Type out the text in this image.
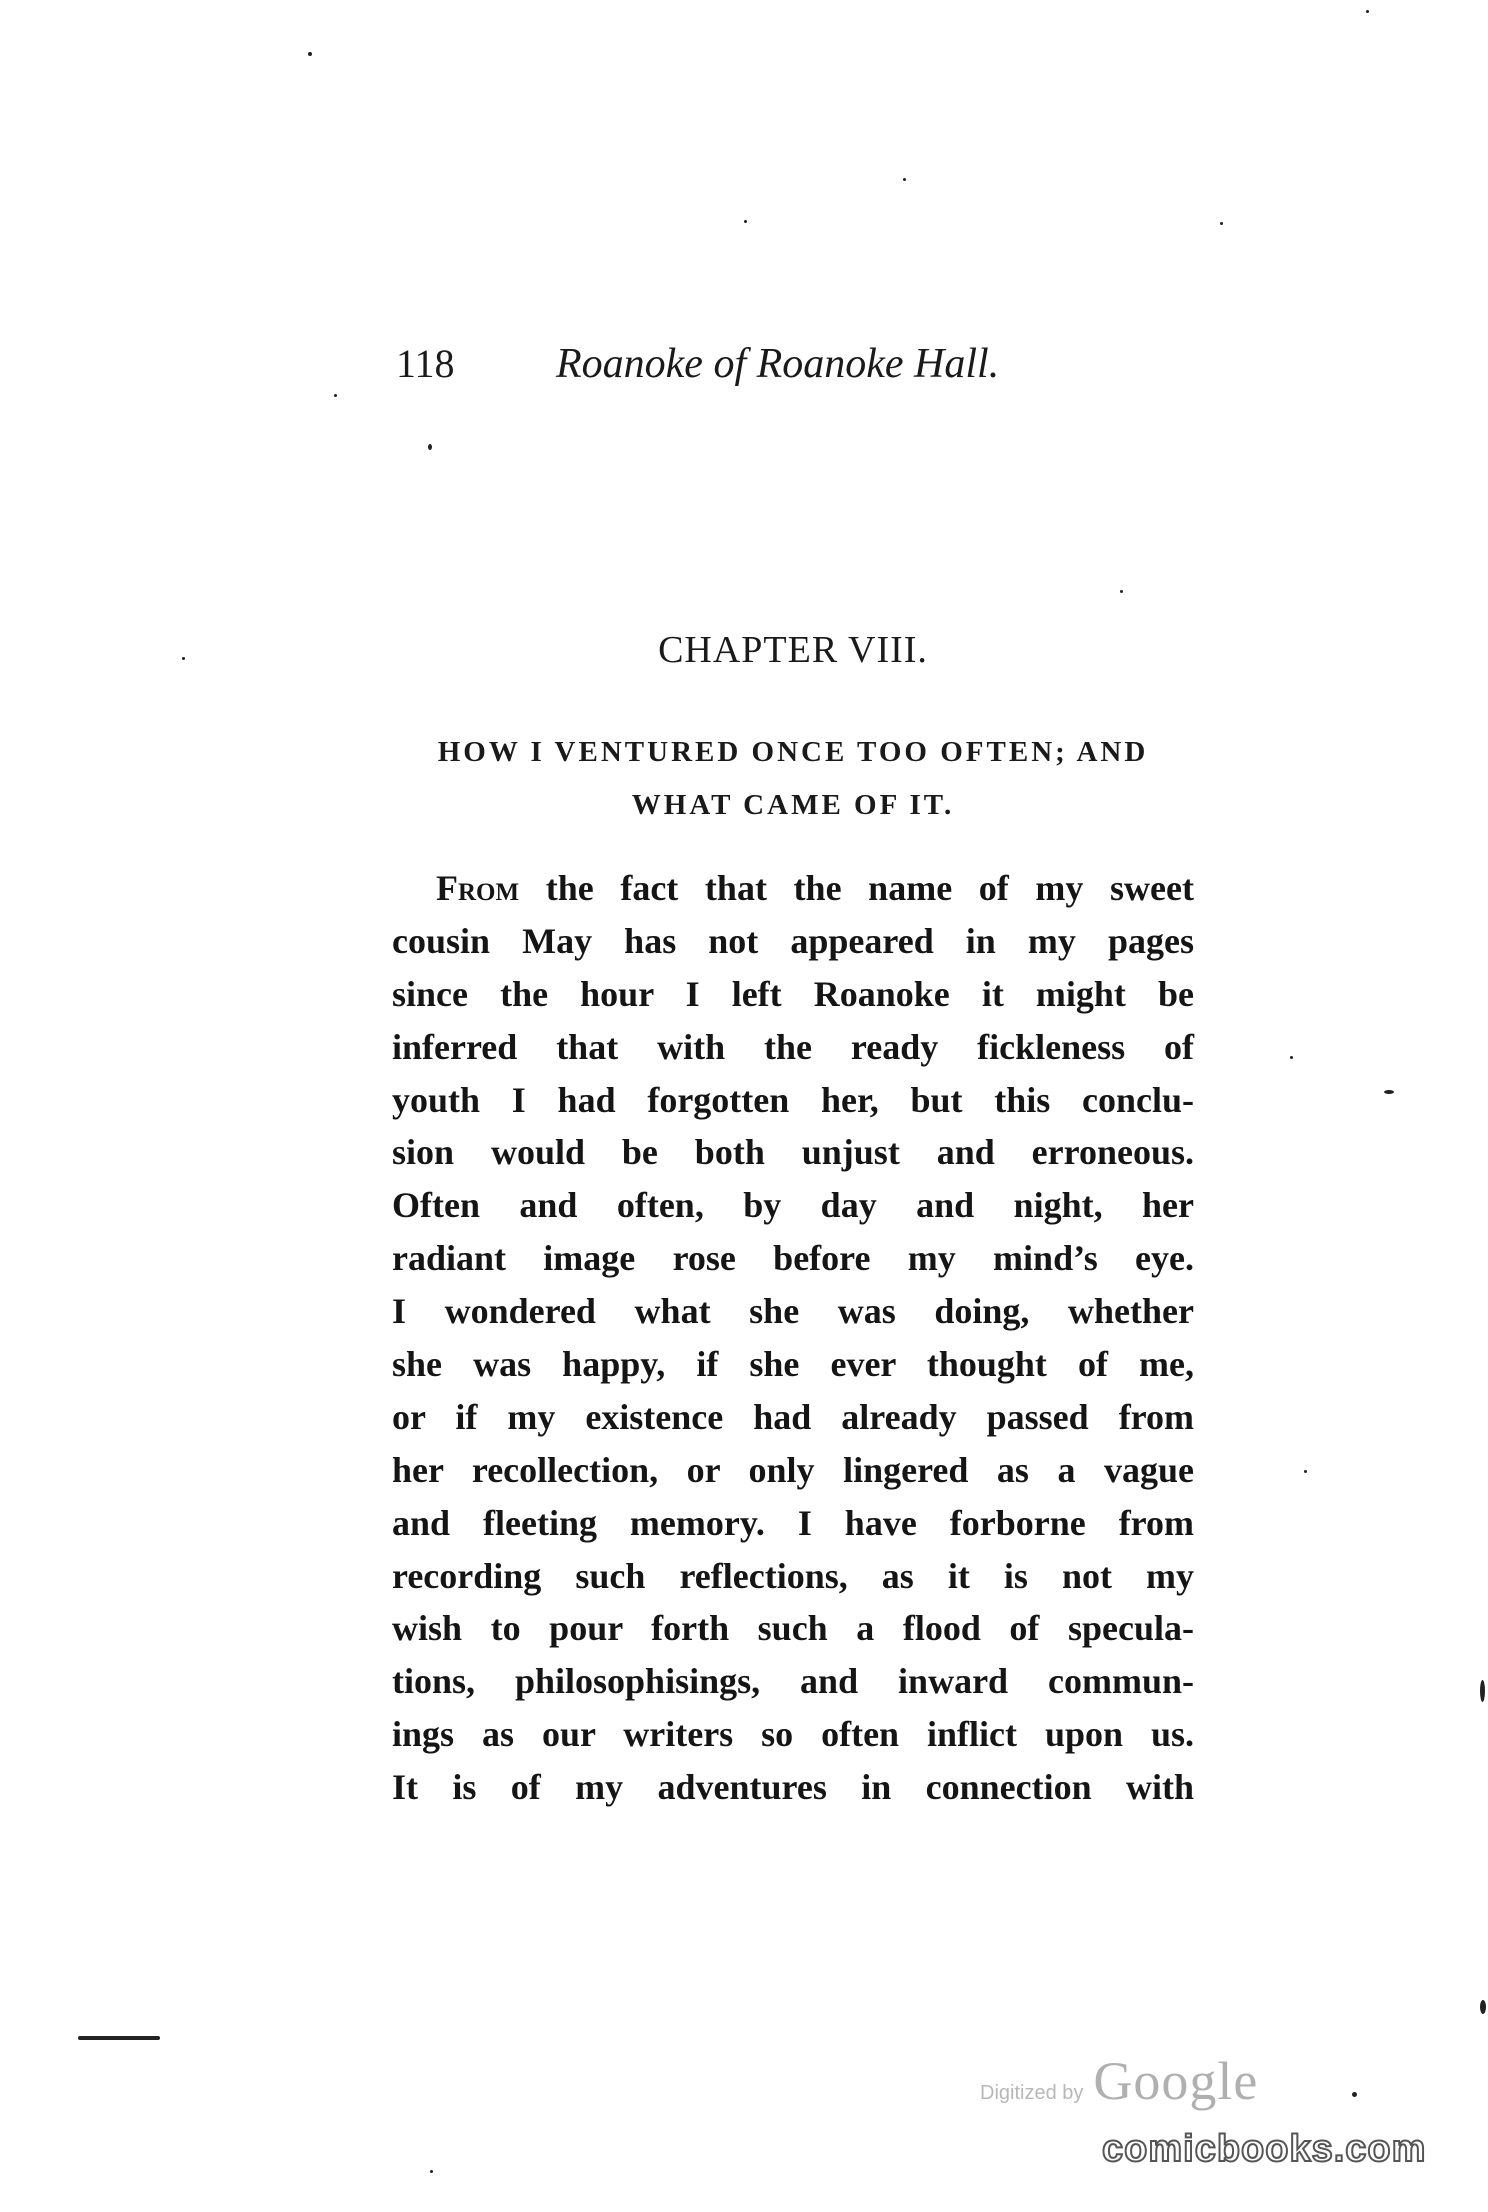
118	Roanoke of Roanoke Hall.
CHAPTER VIII.
HOW I VENTURED ONCE TOO OFTEN; AND
WHAT CAME OF IT.
From the fact that the name of my sweet
cousin May has not appeared in my pages
since the hour I left Roanoke it might be
inferred that with the ready fickleness of
youth I had forgotten her, but this conclu-
sion would be both unjust and erroneous.
Often and often, by day and night, her
radiant image rose before my mind’s eye.
I wondered what she was doing, whether
she was happy, if she ever thought of me,
or if my existence had already passed from
her recollection, or only lingered as a vague
and fleeting memory. I have forborne from
recording such reflections, as it is not my
wish to pour forth such a flood of specula-
tions, philosophisings, and inward commun-
ings as our writers so often inflict upon us.
It is of my adventures in connection with
Digitized by Google
comicbooks.com
